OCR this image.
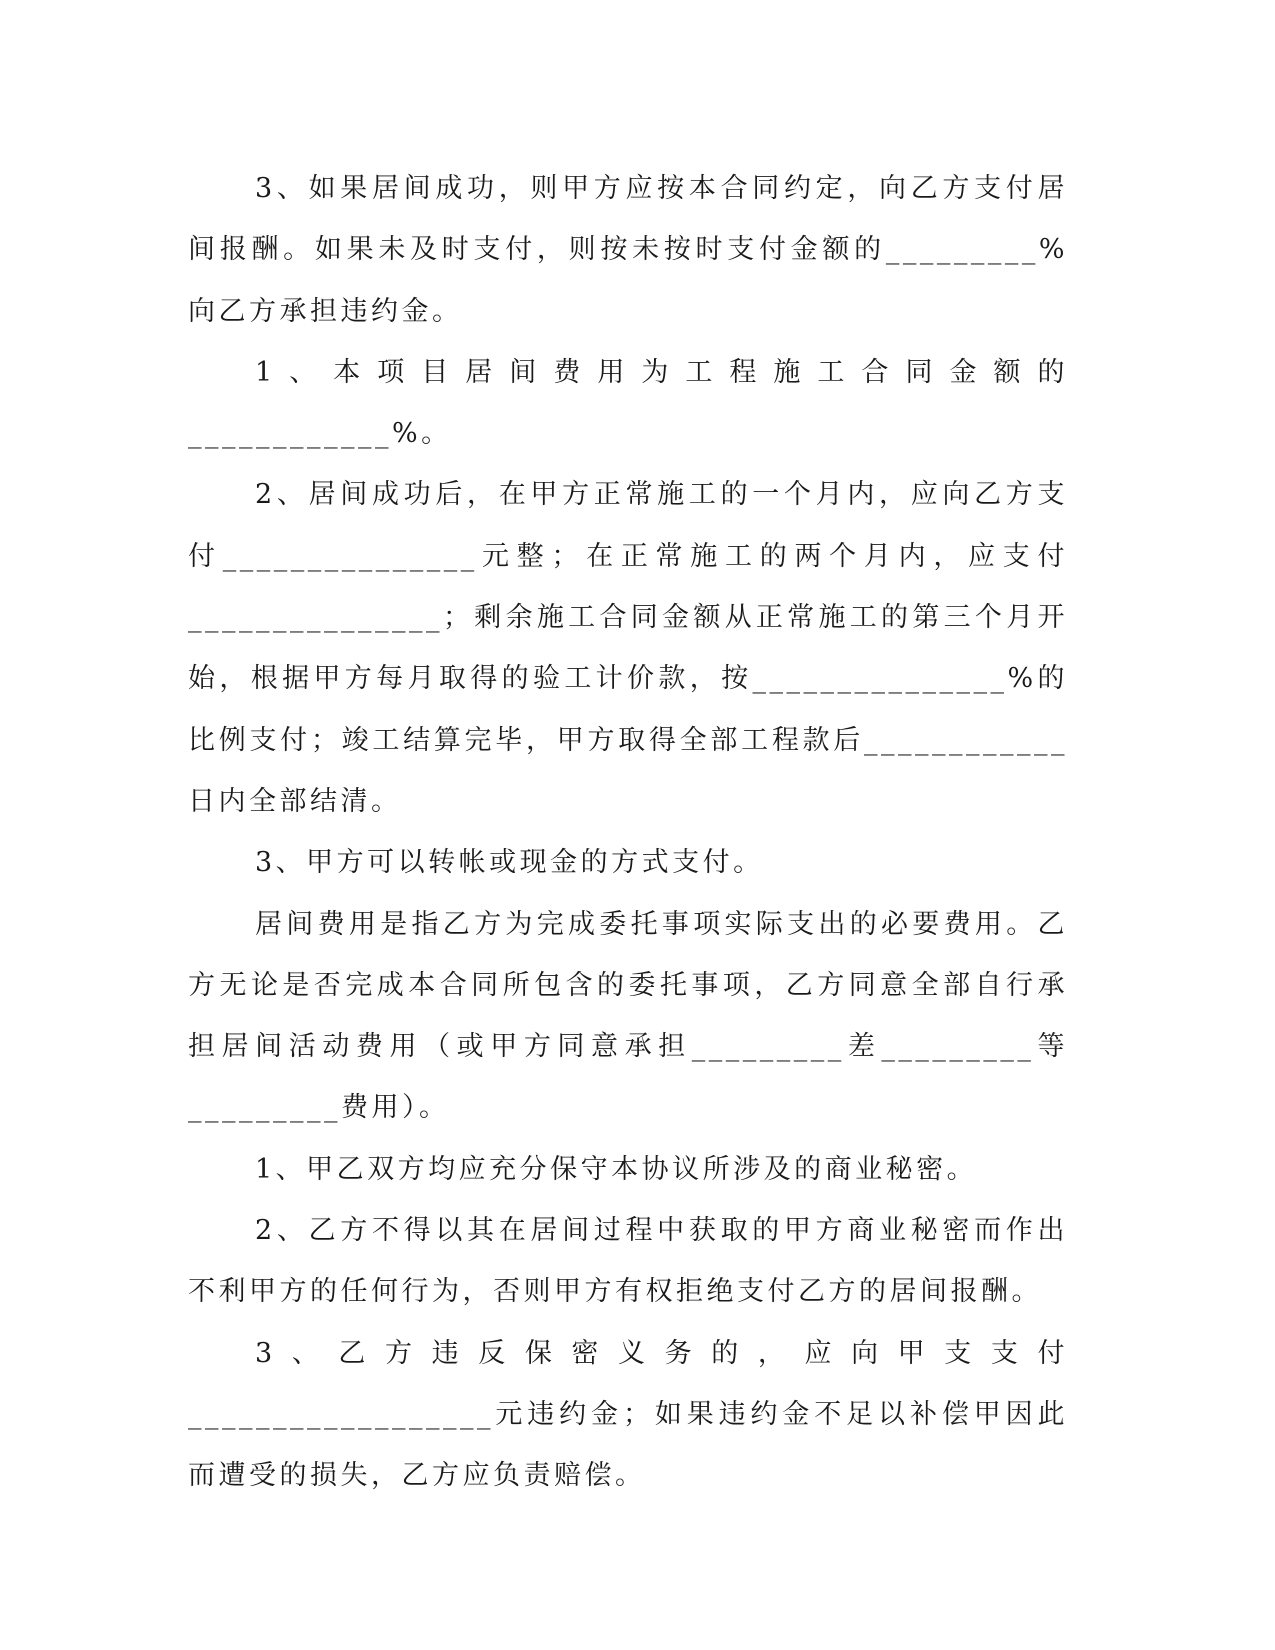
3、如果居间成功，则甲方应按本合同约定，向乙方支付居间报酬。如果未及时支付，则按未按时支付金额的_________%向乙方承担违约金。

1、本项目居间费用为工程施工合同金额的____________%。

2、居间成功后，在甲方正常施工的一个月内，应向乙方支付_______________元整；在正常施工的两个月内，应支付_______________；剩余施工合同金额从正常施工的第三个月开始，根据甲方每月取得的验工计价款，按_______________%的比例支付；竣工结算完毕，甲方取得全部工程款后____________日内全部结清。

3、甲方可以转帐或现金的方式支付。

居间费用是指乙方为完成委托事项实际支出的必要费用。乙方无论是否完成本合同所包含的委托事项，乙方同意全部自行承担居间活动费用（或甲方同意承担_________差_________等_________费用）。

1、甲乙双方均应充分保守本协议所涉及的商业秘密。

2、乙方不得以其在居间过程中获取的甲方商业秘密而作出不利甲方的任何行为，否则甲方有权拒绝支付乙方的居间报酬。

3、乙方违反保密义务的，应向甲支支付__________________元违约金；如果违约金不足以补偿甲因此而遭受的损失，乙方应负责赔偿。
